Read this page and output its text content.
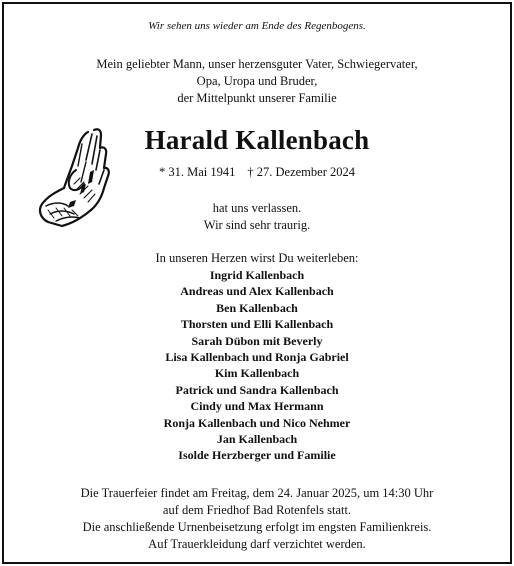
Wir sehen uns wieder am Ende des Regenbogens.
Mein geliebter Mann, unser herzensguter Vater, Schwiegervater,
Opa, Uropa und Bruder,
der Mittelpunkt unserer Familie
Harald Kallenbach
* 31. Mai 1941 † 27. Dezember 2024
hat uns verlassen.
Wir sind sehr traurig.
In unseren Herzen wirst Du weiterleben:
Ingrid Kallenbach
Andreas und Alex Kallenbach
Ben Kallenbach
Thorsten und Elli Kallenbach
Sarah Dübon mit Beverly
Lisa Kallenbach und Ronja Gabriel
Kim Kallenbach
Patrick und Sandra Kallenbach
Cindy und Max Hermann
Ronja Kallenbach und Nico Nehmer
Jan Kallenbach
Isolde Herzberger und Familie
Die Trauerfeier findet am Freitag, dem 24. Januar 2025, um 14:30 Uhr
auf dem Friedhof Bad Rotenfels statt.
Die anschließende Urnenbeisetzung erfolgt im engsten Familienkreis.
Auf Trauerkleidung darf verzichtet werden.
